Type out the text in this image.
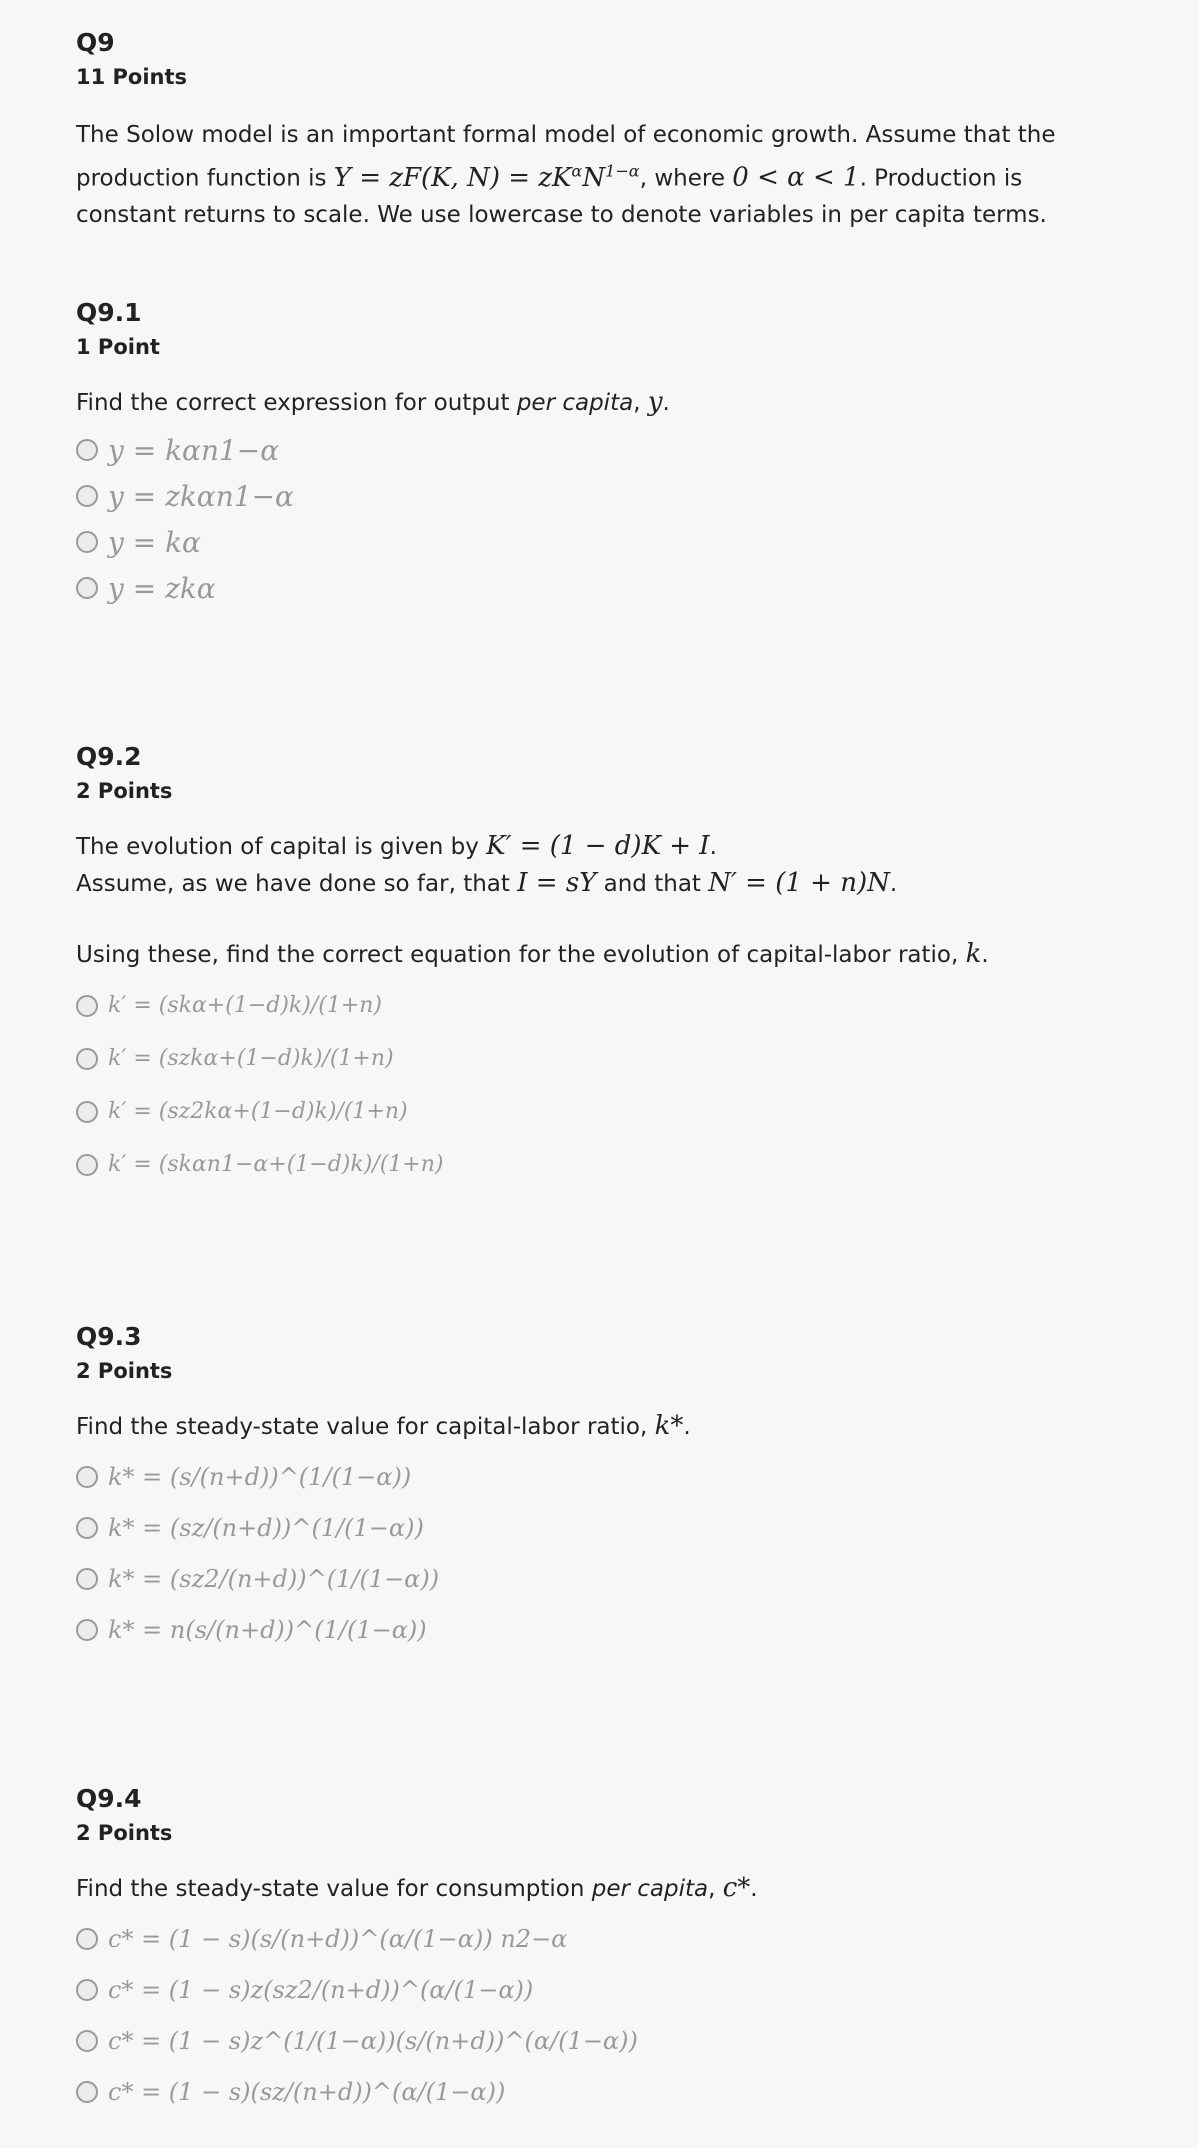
Q9
11 Points

The Solow model is an important formal model of economic growth. Assume that the production function is Y = zF(K, $N) = zK^\alpha N^{1-\alpha}$, where 0 < α < 1. Production is constant returns to scale. We use lowercase to denote variables in per capita terms.

Q9.1
1 Point

Find the correct expression for output per capita, y.

y = kαn1−α
y = zkαn1−α
y = kα
y = zkα
Q9.2
2 Points

The evolution of capital is given by K′ = (1 − d)K + I.

Assume, as we have done so far, that I = sY and that N′ = (1 + n)N.

Using these, find the correct equation for the evolution of capital-labor ratio, k.

k′ = (skα+(1−d)k)/(1+n)
k′ = (szkα+(1−d)k)/(1+n)
k′ = (sz2kα+(1−d)k)/(1+n)
k′ = (skαn1−α+(1−d)k)/(1+n)
Q9.3
2 Points

Find the steady-state value for capital-labor ratio, k*.

k* = (s/(n+d))^(1/(1−α))
k* = (sz/(n+d))^(1/(1−α))
k* = (sz2/(n+d))^(1/(1−α))
k* = n(s/(n+d))^(1/(1−α))
Q9.4
2 Points

Find the steady-state value for consumption per capita, c*.

c* = (1 − s)(s/(n+d))^(α/(1−α)) n2−α
c* = (1 − s)z(sz2/(n+d))^(α/(1−α))
c* = (1 − s)z^(1/(1−α))(s/(n+d))^(α/(1−α))
c* = (1 − s)(sz/(n+d))^(α/(1−α))
